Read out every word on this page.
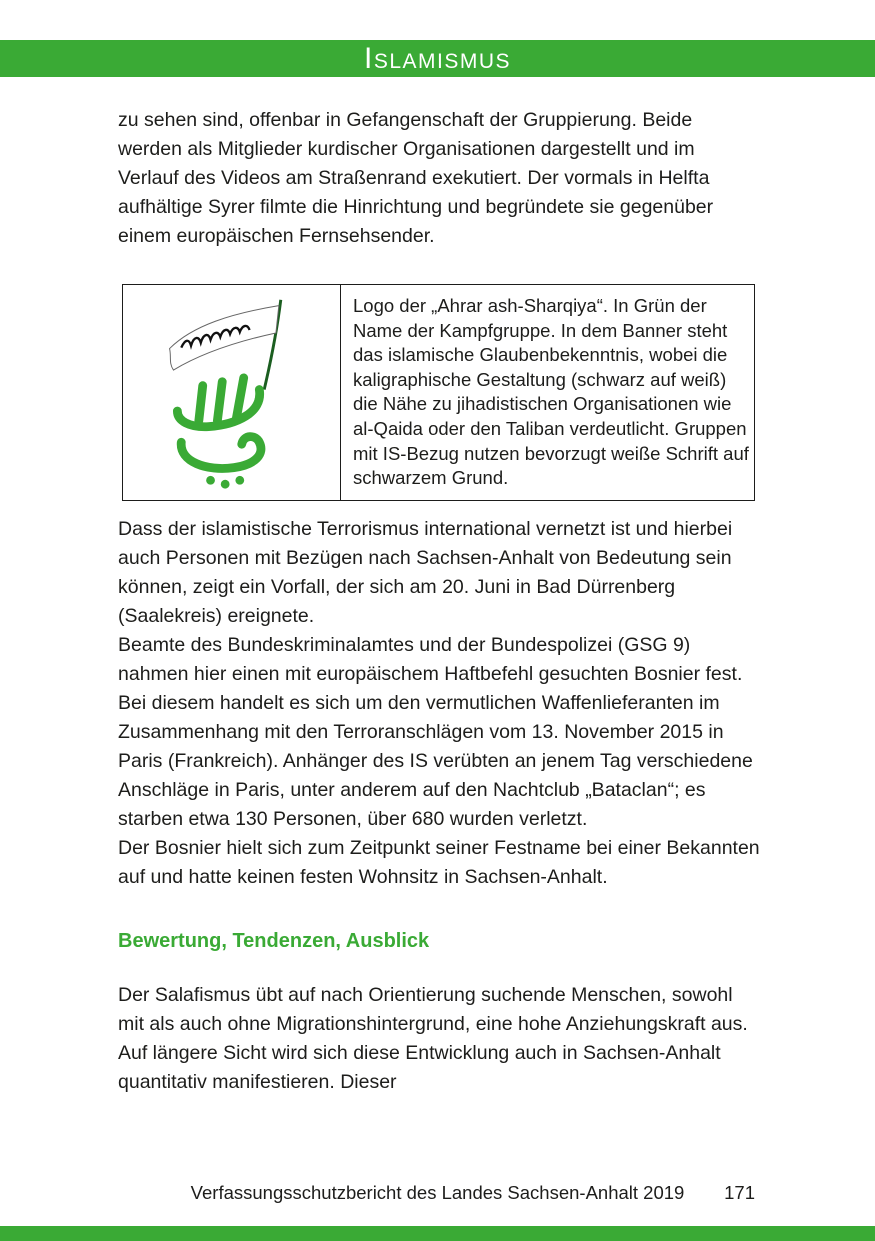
Islamismus

zu sehen sind, offenbar in Gefangenschaft der Gruppierung. Beide werden als Mitglieder kurdischer Organisationen dargestellt und im Verlauf des Videos am Straßenrand exekutiert. Der vormals in Helfta aufhältige Syrer filmte die Hinrichtung und begründete sie gegenüber einem europäischen Fernsehsender.

Logo der „Ahrar ash-Sharqiya“. In Grün der Name der Kampfgruppe. In dem Banner steht das islamische Glaubenbekenntnis, wobei die kaligraphische Gestaltung (schwarz auf weiß) die Nähe zu jihadistischen Organisationen wie al-Qaida oder den Taliban verdeutlicht. Gruppen mit IS-Bezug nutzen bevorzugt weiße Schrift auf schwarzem Grund.

Dass der islamistische Terrorismus international vernetzt ist und hierbei auch Personen mit Bezügen nach Sachsen-Anhalt von Bedeutung sein können, zeigt ein Vorfall, der sich am 20. Juni in Bad Dürrenberg (Saalekreis) ereignete.

Beamte des Bundeskriminalamtes und der Bundespolizei (GSG 9) nahmen hier einen mit europäischem Haftbefehl gesuchten Bosnier fest. Bei diesem handelt es sich um den vermutlichen Waffenlieferanten im Zusammenhang mit den Terroranschlägen vom 13. November 2015 in Paris (Frankreich). Anhänger des IS verübten an jenem Tag verschiedene Anschläge in Paris, unter anderem auf den Nachtclub „Bataclan“; es starben etwa 130 Personen, über 680 wurden verletzt.

Der Bosnier hielt sich zum Zeitpunkt seiner Festname bei einer Bekannten auf und hatte keinen festen Wohnsitz in Sachsen-Anhalt.

Bewertung, Tendenzen, Ausblick

Der Salafismus übt auf nach Orientierung suchende Menschen, sowohl mit als auch ohne Migrationshintergrund, eine hohe Anziehungskraft aus. Auf längere Sicht wird sich diese Entwicklung auch in Sachsen-Anhalt quantitativ manifestieren. Dieser

Verfassungsschutzbericht des Landes Sachsen-Anhalt 2019	171
